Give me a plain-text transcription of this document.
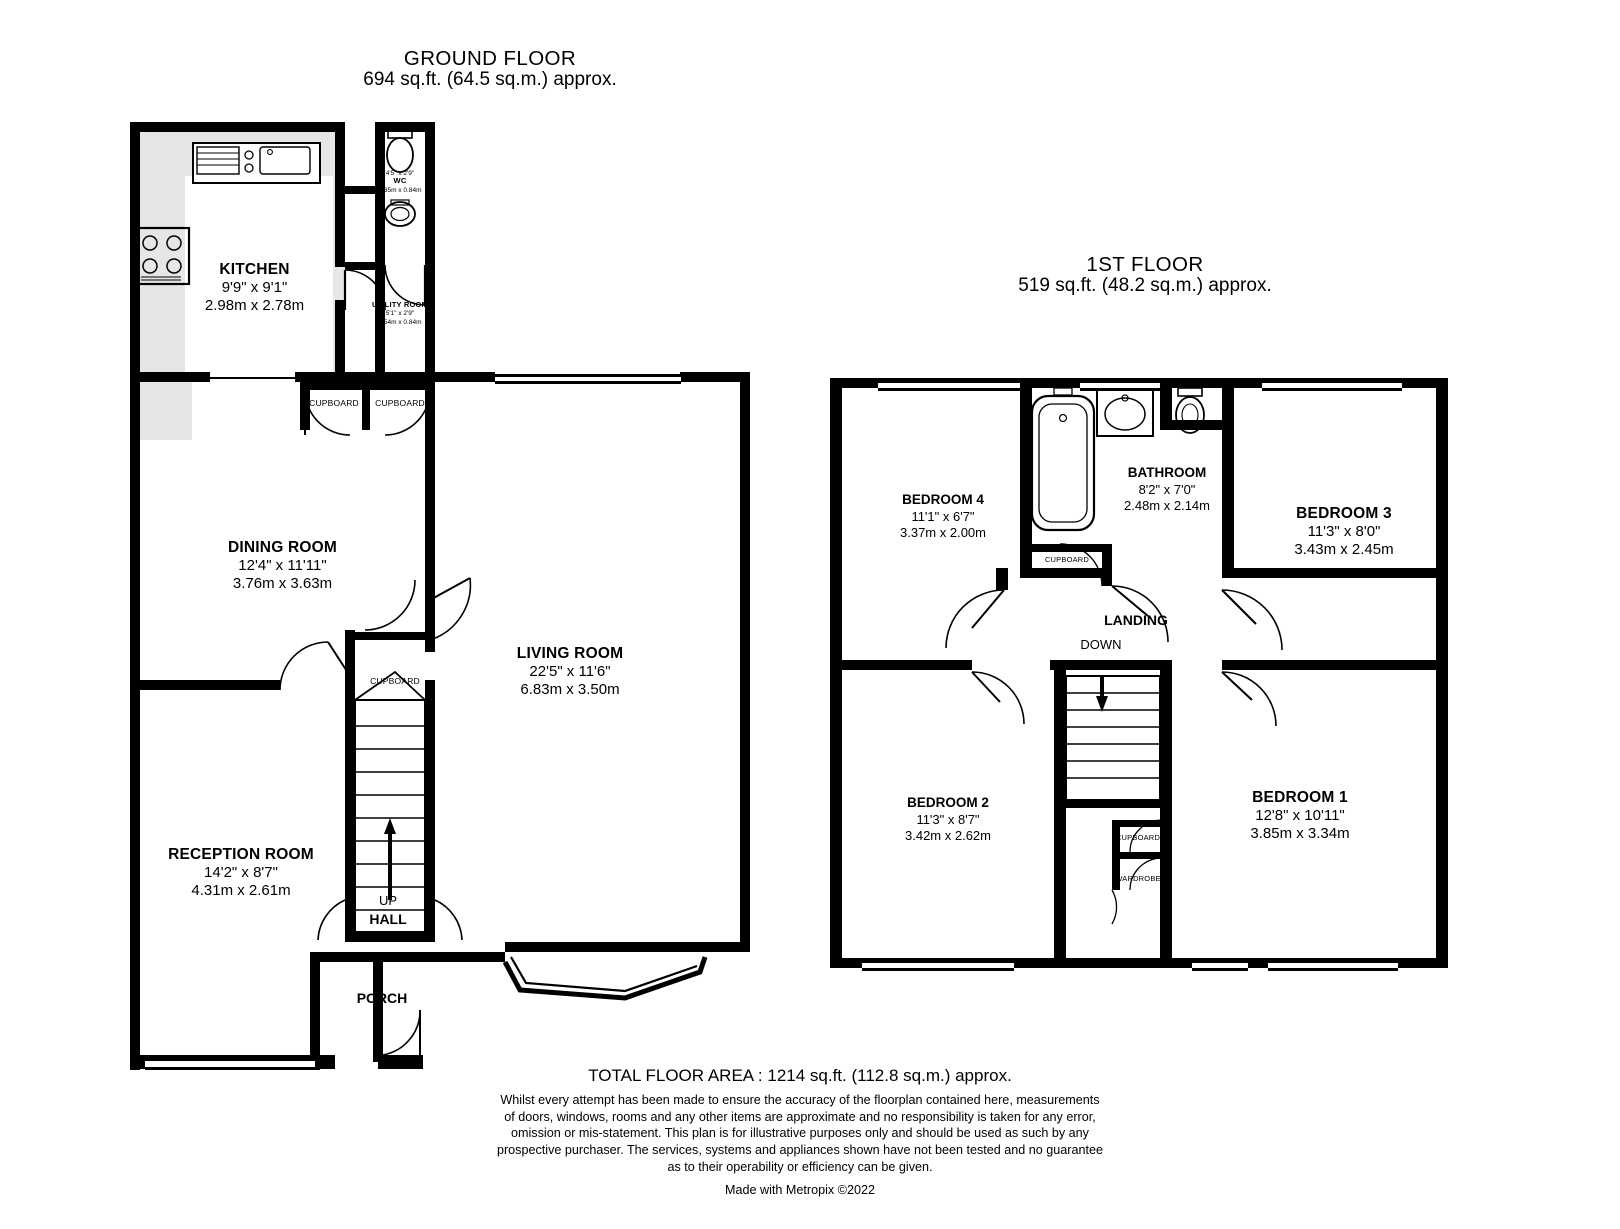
GROUND FLOOR
694 sq.ft. (64.5 sq.m.) approx.
KITCHEN
9'9" x 9'1"
2.98m x 2.78m
DINING ROOM
12'4" x 11'11"
3.76m x 3.63m
LIVING ROOM
22'5" x 11'6"
6.83m x 3.50m
RECEPTION ROOM
14'2" x 8'7"
4.31m x 2.61m
WC
4'5" x 2'9"
1.35m x 0.84m
UTILITY ROOM
5'1" x 2'9"
1.54m x 0.84m
CUPBOARD	CUPBOARD
CUPBOARD
UP
HALL
PORCH
1ST FLOOR
519 sq.ft. (48.2 sq.m.) approx.
BEDROOM 4
11'1" x 6'7"
3.37m x 2.00m
BATHROOM
8'2" x 7'0"
2.48m x 2.14m	BEDROOM 3
11'3" x 8'0"
3.43m x 2.45m
BEDROOM 2
11'3" x 8'7"
3.42m x 2.62m
BEDROOM 1
12'8" x 10'11"
3.85m x 3.34m
LANDING
DOWN
CUPBOARD
CUPBOARD
WARDROBE
TOTAL FLOOR AREA : 1214 sq.ft. (112.8 sq.m.) approx.
Whilst every attempt has been made to ensure the accuracy of the floorplan contained here, measurements
of doors, windows, rooms and any other items are approximate and no responsibility is taken for any error,
omission or mis-statement. This plan is for illustrative purposes only and should be used as such by any
prospective purchaser. The services, systems and appliances shown have not been tested and no guarantee
as to their operability or efficiency can be given.
Made with Metropix ©2022
